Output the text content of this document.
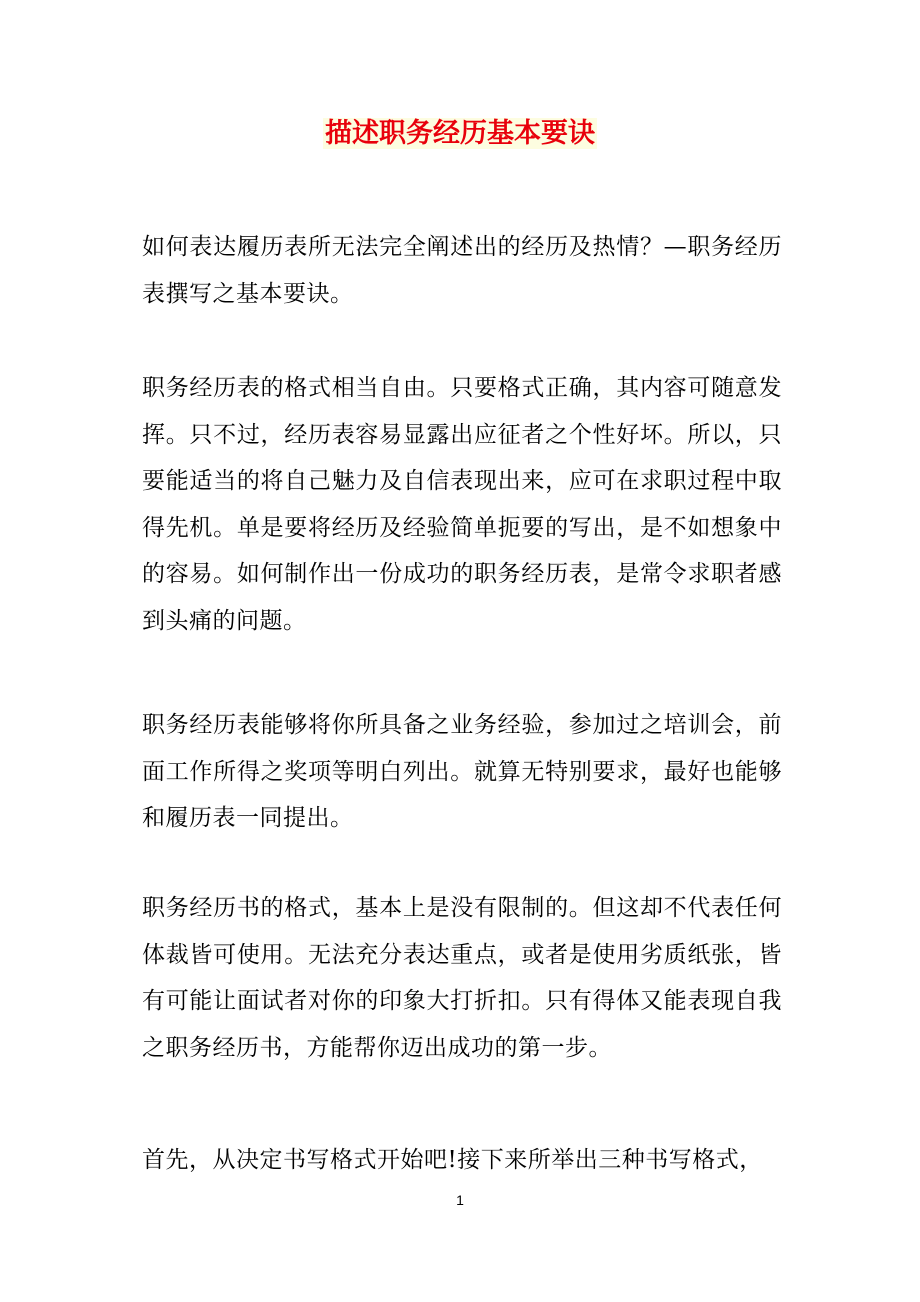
描述职务经历基本要诀

如何表达履历表所无法完全阐述出的经历及热情？—职务经历表撰写之基本要诀。

职务经历表的格式相当自由。只要格式正确，其内容可随意发挥。只不过，经历表容易显露出应征者之个性好坏。所以，只要能适当的将自己魅力及自信表现出来，应可在求职过程中取得先机。单是要将经历及经验简单扼要的写出，是不如想象中的容易。如何制作出一份成功的职务经历表，是常令求职者感到头痛的问题。

职务经历表能够将你所具备之业务经验，参加过之培训会，前面工作所得之奖项等明白列出。就算无特别要求，最好也能够和履历表一同提出。

职务经历书的格式，基本上是没有限制的。但这却不代表任何体裁皆可使用。无法充分表达重点，或者是使用劣质纸张，皆有可能让面试者对你的印象大打折扣。只有得体又能表现自我之职务经历书，方能帮你迈出成功的第一步。

首先，从决定书写格式开始吧!接下来所举出三种书写格式，

1
